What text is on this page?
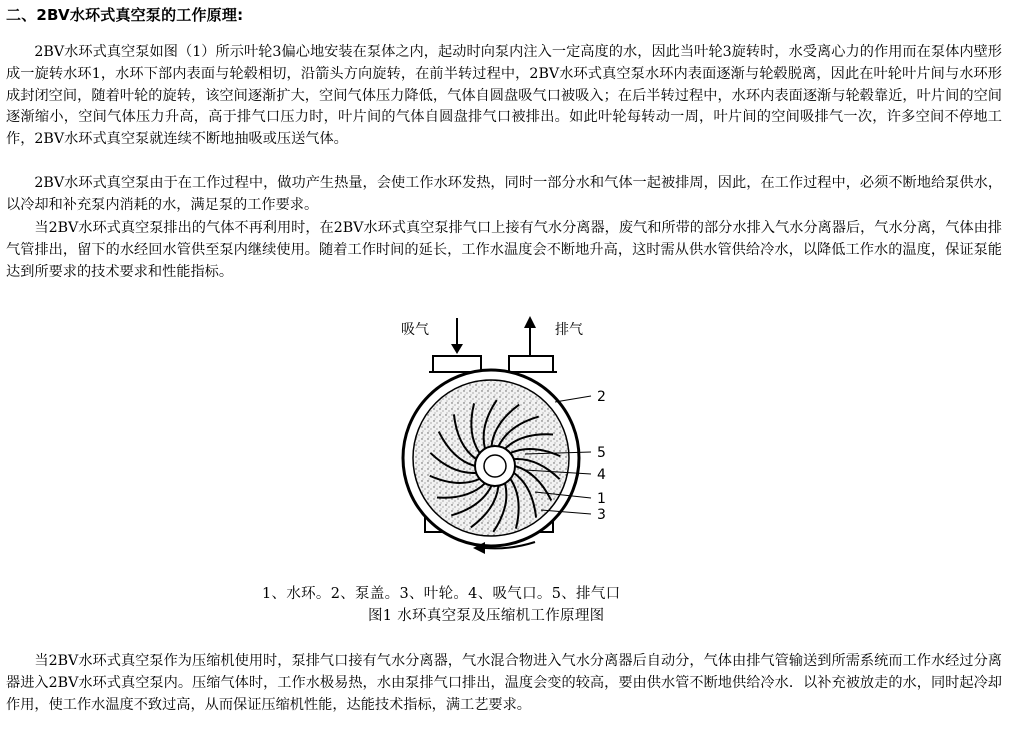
二、2BV水环式真空泵的工作原理:

2BV水环式真空泵如图（1）所示叶轮3偏心地安装在泵体之内，起动时向泵内注入一定高度的水，因此当叶轮3旋转时，水受离心力的作用而在泵体内壁形成一旋转水环1，水环下部内表面与轮毂相切，沿箭头方向旋转，在前半转过程中，2BV水环式真空泵水环内表面逐渐与轮毂脱离，因此在叶轮叶片间与水环形成封闭空间，随着叶轮的旋转，该空间逐渐扩大，空间气体压力降低，气体自圆盘吸气口被吸入；在后半转过程中，水环内表面逐渐与轮毂靠近，叶片间的空间逐渐缩小，空间气体压力升高，高于排气口压力时，叶片间的气体自圆盘排气口被排出。如此叶轮每转动一周，叶片间的空间吸排气一次，许多空间不停地工作，2BV水环式真空泵就连续不断地抽吸或压送气体。

2BV水环式真空泵由于在工作过程中，做功产生热量，会使工作水环发热，同时一部分水和气体一起被排周，因此，在工作过程中，必须不断地给泵供水，以冷却和补充泵内消耗的水，满足泵的工作要求。

当2BV水环式真空泵排出的气体不再利用时，在2BV水环式真空泵排气口上接有气水分离器，废气和所带的部分水排入气水分离器后，气水分离，气体由排气管排出，留下的水经回水管供至泵内继续使用。随着工作时间的延长，工作水温度会不断地升高，这时需从供水管供给冷水，以降低工作水的温度，保证泵能达到所要求的技术要求和性能指标。

吸气	排气
2
5
4
1
3
1、水环。2、泵盖。3、叶轮。4、吸气口。5、排气口
图1 水环真空泵及压缩机工作原理图

当2BV水环式真空泵作为压缩机使用时，泵排气口接有气水分离器，气水混合物进入气水分离器后自动分，气体由排气管输送到所需系统而工作水经过分离器进入2BV水环式真空泵内。压缩气体时，工作水极易热，水由泵排气口排出，温度会变的较高，要由供水管不断地供给冷水．以补充被放走的水，同时起冷却作用，使工作水温度不致过高，从而保证压缩机性能，达能技术指标，满工艺要求。
